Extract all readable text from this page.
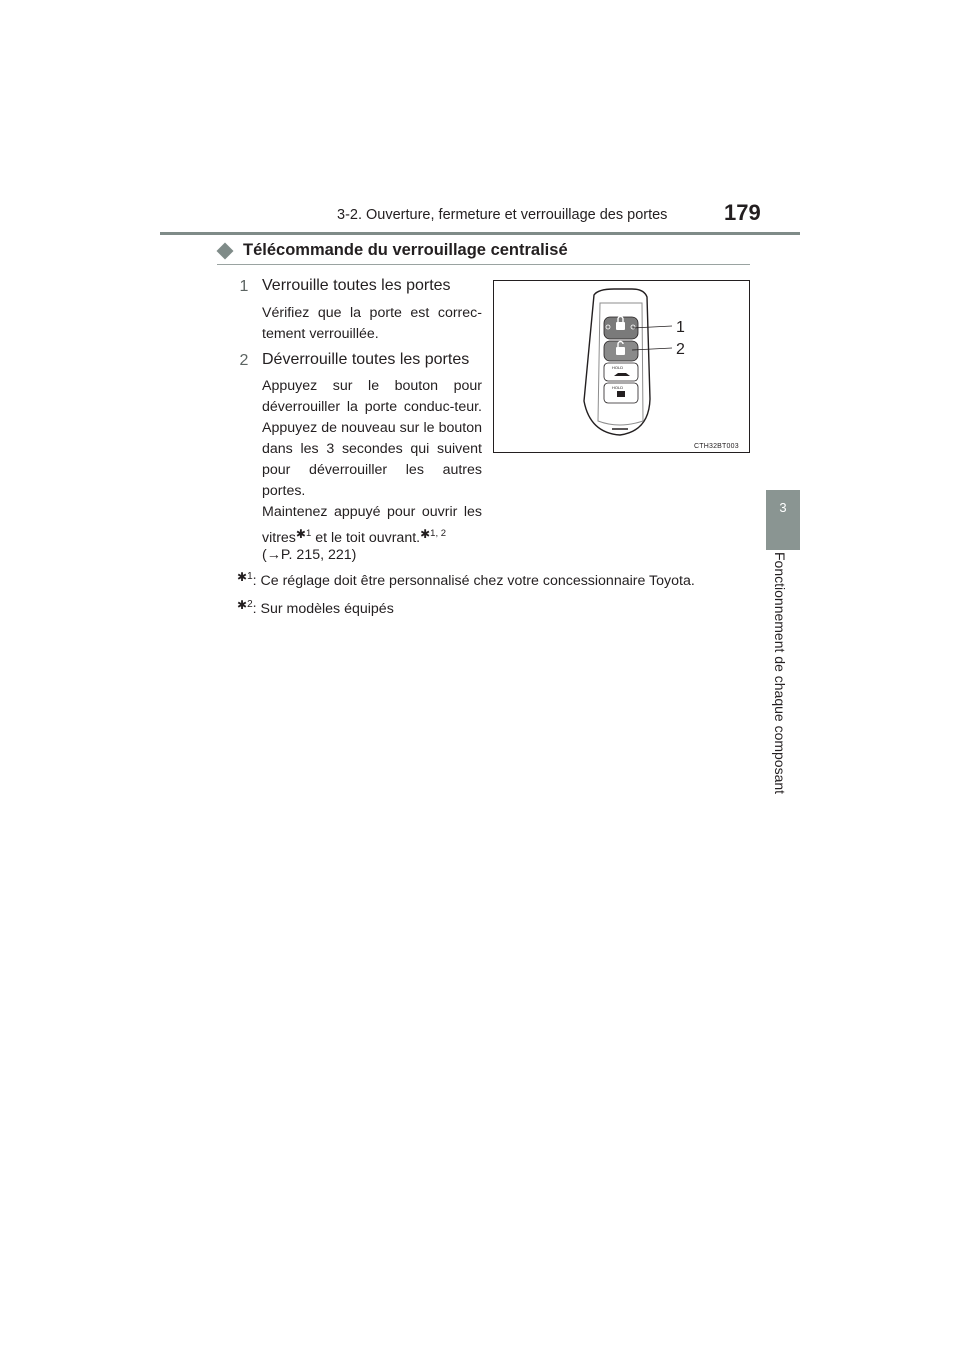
3-2. Ouverture, fermeture et verrouillage des portes	179
3
Fonctionnement de chaque composant
Télécommande du verrouillage centralisé
1 Verrouille toutes les portes
Vérifiez que la porte est correc-tement verrouillée.
2 Déverrouille toutes les portes
Appuyez sur le bouton pour déverrouiller la porte conduc-teur. Appuyez de nouveau sur le bouton dans les 3 secondes qui suivent pour déverrouiller les autres portes.
Maintenez appuyé pour ouvrir les vitres$^{✱1}$ et le toit ouvrant.$^{✱1, 2}$
(→P. 215, 221)
HOLD
HOLD
1
2
CTH32BT003
$^{✱1}$: Ce réglage doit être personnalisé chez votre concessionnaire Toyota.
$^{✱2}$: Sur modèles équipés
